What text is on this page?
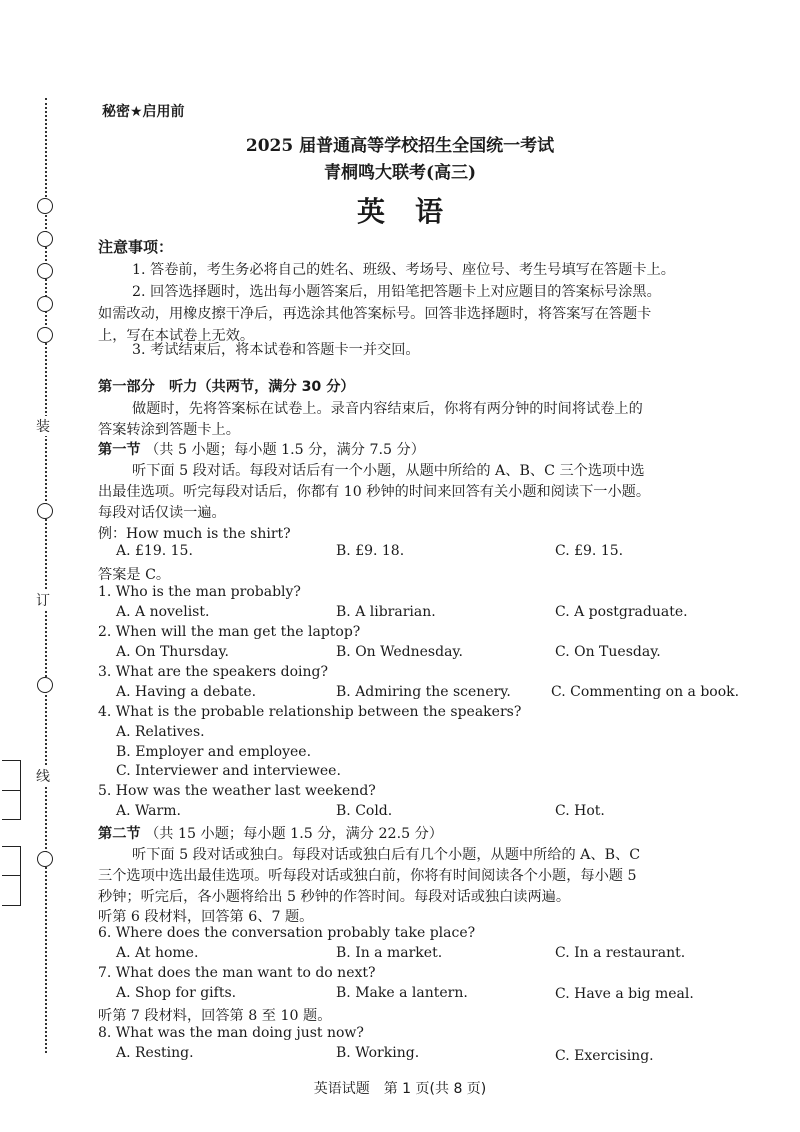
装
订
线
秘密★启用前
2025 届普通高等学校招生全国统一考试
青桐鸣大联考(高三)
英语
注意事项：
1. 答卷前，考生务必将自己的姓名、班级、考场号、座位号、考生号填写在答题卡上。
2. 回答选择题时，选出每小题答案后，用铅笔把答题卡上对应题目的答案标号涂黑。
如需改动，用橡皮擦干净后，再选涂其他答案标号。回答非选择题时，将答案写在答题卡
上，写在本试卷上无效。
3. 考试结束后，将本试卷和答题卡一并交回。
第一部分　听力（共两节，满分 30 分）
做题时，先将答案标在试卷上。录音内容结束后，你将有两分钟的时间将试卷上的
答案转涂到答题卡上。
第一节 （共 5 小题；每小题 1.5 分，满分 7.5 分）
听下面 5 段对话。每段对话后有一个小题，从题中所给的 A、B、C 三个选项中选
出最佳选项。听完每段对话后，你都有 10 秒钟的时间来回答有关小题和阅读下一小题。
每段对话仅读一遍。
例：How much is the shirt?
A. £19. 15.	B. £9. 18.	C. £9. 15.
答案是 C。
1. Who is the man probably?
A. A novelist.	B. A librarian.	C. A postgraduate.
2. When will the man get the laptop?
A. On Thursday.	B. On Wednesday.	C. On Tuesday.
3. What are the speakers doing?
A. Having a debate.	B. Admiring the scenery.	C. Commenting on a book.
4. What is the probable relationship between the speakers?
A. Relatives.
B. Employer and employee.
C. Interviewer and interviewee.
5. How was the weather last weekend?
A. Warm.	B. Cold.	C. Hot.
第二节 （共 15 小题；每小题 1.5 分，满分 22.5 分）
听下面 5 段对话或独白。每段对话或独白后有几个小题，从题中所给的 A、B、C
三个选项中选出最佳选项。听每段对话或独白前，你将有时间阅读各个小题，每小题 5
秒钟；听完后，各小题将给出 5 秒钟的作答时间。每段对话或独白读两遍。
听第 6 段材料，回答第 6、7 题。
6. Where does the conversation probably take place?
A. At home.	B. In a market.	C. In a restaurant.
7. What does the man want to do next?
A. Shop for gifts.	B. Make a lantern.	C. Have a big meal.
听第 7 段材料，回答第 8 至 10 题。
8. What was the man doing just now?
A. Resting.	B. Working.	C. Exercising.
英语试题　第 1 页(共 8 页)
